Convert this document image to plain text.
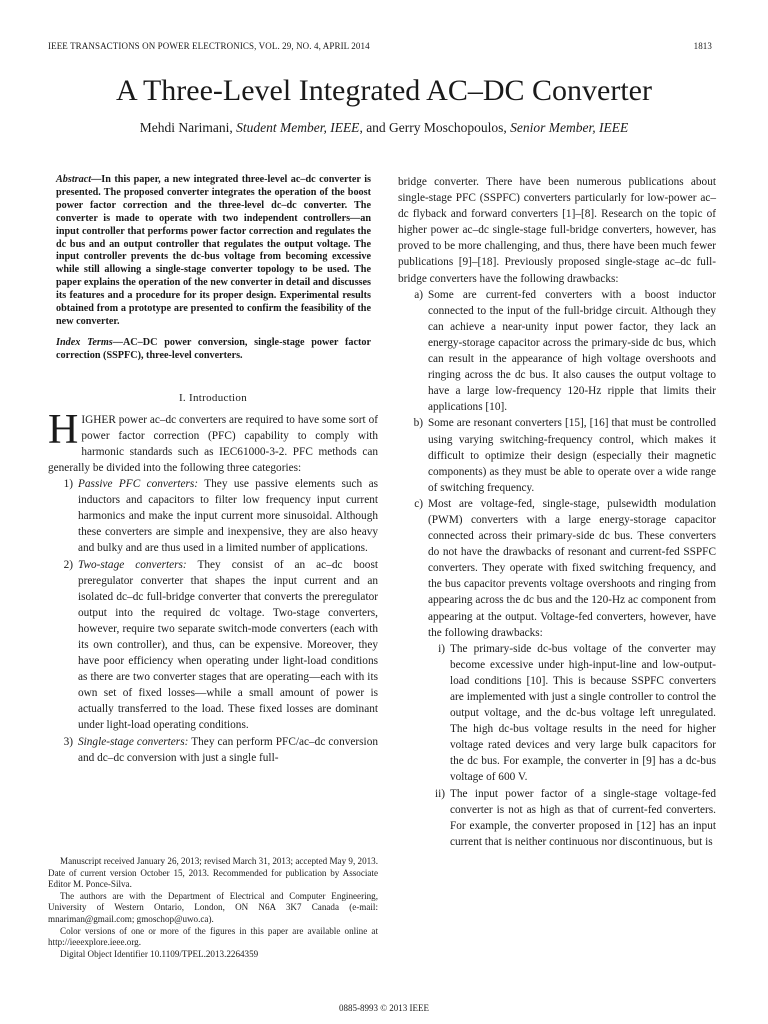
IEEE TRANSACTIONS ON POWER ELECTRONICS, VOL. 29, NO. 4, APRIL 2014	1813
A Three-Level Integrated AC–DC Converter
Mehdi Narimani, Student Member, IEEE, and Gerry Moschopoulos, Senior Member, IEEE
Abstract—In this paper, a new integrated three-level ac–dc converter is presented. The proposed converter integrates the operation of the boost power factor correction and the three-level dc–dc converter. The converter is made to operate with two independent controllers—an input controller that performs power factor correction and regulates the dc bus and an output controller that regulates the output voltage. The input controller prevents the dc-bus voltage from becoming excessive while still allowing a single-stage converter topology to be used. The paper explains the operation of the new converter in detail and discusses its features and a procedure for its proper design. Experimental results obtained from a prototype are presented to confirm the feasibility of the new converter.
Index Terms—AC–DC power conversion, single-stage power factor correction (SSPFC), three-level converters.
I. Introduction
HIGHER power ac–dc converters are required to have some sort of power factor correction (PFC) capability to comply with harmonic standards such as IEC61000-3-2. PFC methods can generally be divided into the following three categories:
1) Passive PFC converters: They use passive elements such as inductors and capacitors to filter low frequency input current harmonics and make the input current more sinusoidal. Although these converters are simple and inexpensive, they are also heavy and bulky and are thus used in a limited number of applications.
2) Two-stage converters: They consist of an ac–dc boost preregulator converter that shapes the input current and an isolated dc–dc full-bridge converter that converts the preregulator output into the required dc voltage. Two-stage converters, however, require two separate switch-mode converters (each with its own controller), and thus, can be expensive. Moreover, they have poor efficiency when operating under light-load conditions as there are two converter stages that are operating—each with its own set of fixed losses—while a small amount of power is actually transferred to the load. These fixed losses are dominant under light-load operating conditions.
3) Single-stage converters: They can perform PFC/ac–dc conversion and dc–dc conversion with just a single full-
bridge converter. There have been numerous publications about single-stage PFC (SSPFC) converters particularly for low-power ac–dc flyback and forward converters [1]–[8]. Research on the topic of higher power ac–dc single-stage full-bridge converters, however, has proved to be more challenging, and thus, there have been much fewer publications [9]–[18]. Previously proposed single-stage ac–dc full-bridge converters have the following drawbacks:
a) Some are current-fed converters with a boost inductor connected to the input of the full-bridge circuit. Although they can achieve a near-unity input power factor, they lack an energy-storage capacitor across the primary-side dc bus, which can result in the appearance of high voltage overshoots and ringing across the dc bus. It also causes the output voltage to have a large low-frequency 120-Hz ripple that limits their applications [10].
b) Some are resonant converters [15], [16] that must be controlled using varying switching-frequency control, which makes it difficult to optimize their design (especially their magnetic components) as they must be able to operate over a wide range of switching frequency.
c) Most are voltage-fed, single-stage, pulsewidth modulation (PWM) converters with a large energy-storage capacitor connected across their primary-side dc bus. These converters do not have the drawbacks of resonant and current-fed SSPFC converters. They operate with fixed switching frequency, and the bus capacitor prevents voltage overshoots and ringing from appearing across the dc bus and the 120-Hz ac component from appearing at the output. Voltage-fed converters, however, have the following drawbacks:
i) The primary-side dc-bus voltage of the converter may become excessive under high-input-line and low-output-load conditions [10]. This is because SSPFC converters are implemented with just a single controller to control the output voltage, and the dc-bus voltage left unregulated. The high dc-bus voltage results in the need for higher voltage rated devices and very large bulk capacitors for the dc bus. For example, the converter in [9] has a dc-bus voltage of 600 V.
ii) The input power factor of a single-stage voltage-fed converter is not as high as that of current-fed converters. For example, the converter proposed in [12] has an input current that is neither continuous nor discontinuous, but is

Manuscript received January 26, 2013; revised March 31, 2013; accepted May 9, 2013. Date of current version October 15, 2013. Recommended for publication by Associate Editor M. Ponce-Silva.

The authors are with the Department of Electrical and Computer Engineering, University of Western Ontario, London, ON N6A 3K7 Canada (e-mail: mnariman@gmail.com; gmoschop@uwo.ca).

Color versions of one or more of the figures in this paper are available online at http://ieeexplore.ieee.org.

Digital Object Identifier 10.1109/TPEL.2013.2264359

0885-8993 © 2013 IEEE
